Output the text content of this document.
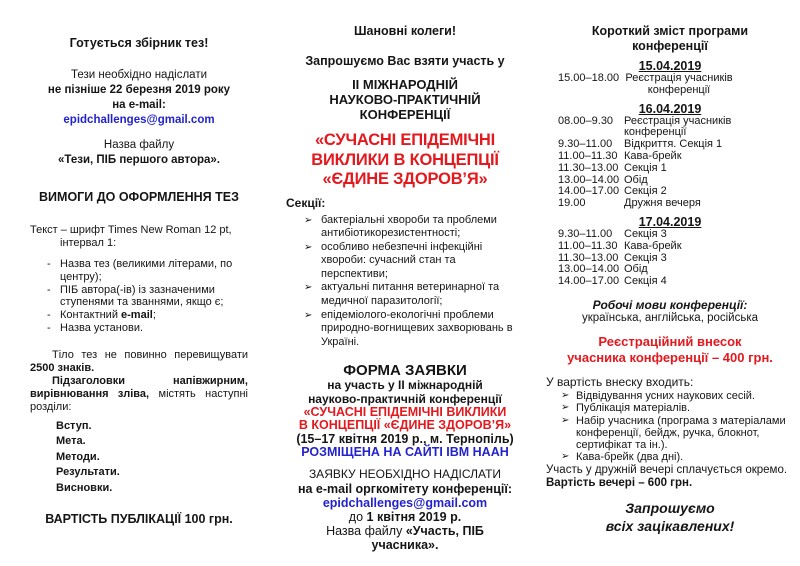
Готується збірник тез!
Тези необхідно надіслати
не пізніше 22 березня 2019 року
на e-mail:
epidchallenges@gmail.com
Назва файлу
«Тези, ПІБ першого автора».
ВИМОГИ ДО ОФОРМЛЕННЯ ТЕЗ
Текст – шрифт Times New Roman 12 pt,
інтервал 1:
- Назва тез (великими літерами, по центру);
- ПІБ автора(-ів) із зазначеними ступенями та званнями, якщо є;
- Контактний e-mail;
- Назва установи.

Тіло тез не повинно перевищувати 2500 знаків.

Підзаголовки напівжирним, вирівнювання зліва, містять наступні розділи:

Вступ.
Мета.
Методи.
Результати.
Висновки.
ВАРТІСТЬ ПУБЛІКАЦІЇ 100 грн.
Шановні колеги!
Запрошуємо Вас взяти участь у
ІІ МІЖНАРОДНІЙ
НАУКОВО-ПРАКТИЧНІЙ
КОНФЕРЕНЦІЇ
«СУЧАСНІ ЕПІДЕМІЧНІ
ВИКЛИКИ В КОНЦЕПЦІЇ
«ЄДИНЕ ЗДОРОВ’Я»
Секції:
➢ бактеріальні хвороби та проблеми антибіотикорезистентності;
➢ особливо небезпечні інфекційні хвороби: сучасний стан та перспективи;
➢ актуальні питання ветеринарної та медичної паразитології;
➢ епідеміолого-екологічні проблеми природно-вогнищевих захворювань в Україні.
ФОРМА ЗАЯВКИ
на участь у ІІ міжнародній
науково-практичній конференції
«СУЧАСНІ ЕПІДЕМІЧНІ ВИКЛИКИ
В КОНЦЕПЦІЇ «ЄДИНЕ ЗДОРОВ’Я»
(15–17 квітня 2019 р., м. Тернопіль)
РОЗМІЩЕНА НА САЙТІ ІВМ НААН
ЗАЯВКУ НЕОБХІДНО НАДІСЛАТИ
на e-mail оргкомітету конференції:
epidchallenges@gmail.com
до 1 квітня 2019 р.
Назва файлу «Участь, ПІБ
учасника».
Короткий зміст програми
конференції
15.04.2019
15.00–18.00 Реєстрація учасників конференції
16.04.2019
08.00–9.30 Реєстрація учасників конференції
9.30–11.00	Відкриття. Секція 1
11.00–11.30 Кава-брейк
11.30–13.00 Секція 1
13.00–14.00 Обід
14.00–17.00 Секція 2
19.00	Дружня вечеря
17.04.2019
9.30–11.00	Секція 3
11.00–11.30 Кава-брейк
11.30–13.00 Секція 3
13.00–14.00 Обід
14.00–17.00 Секція 4
Робочі мови конференції:
українська, англійська, російська
Реєстраційний внесок
учасника конференції – 400 грн.
У вартість внеску входить:
➢ Відвідування усних наукових сесій.
➢ Публікація матеріалів.
➢ Набір учасника (програма з матеріалами конференції, бейдж, ручка, блокнот, сертифікат та ін.).
➢ Кава-брейк (два дні).
Участь у дружній вечері сплачується окремо. Вартість вечері – 600 грн.
Запрошуємо
всіх зацікавлених!
